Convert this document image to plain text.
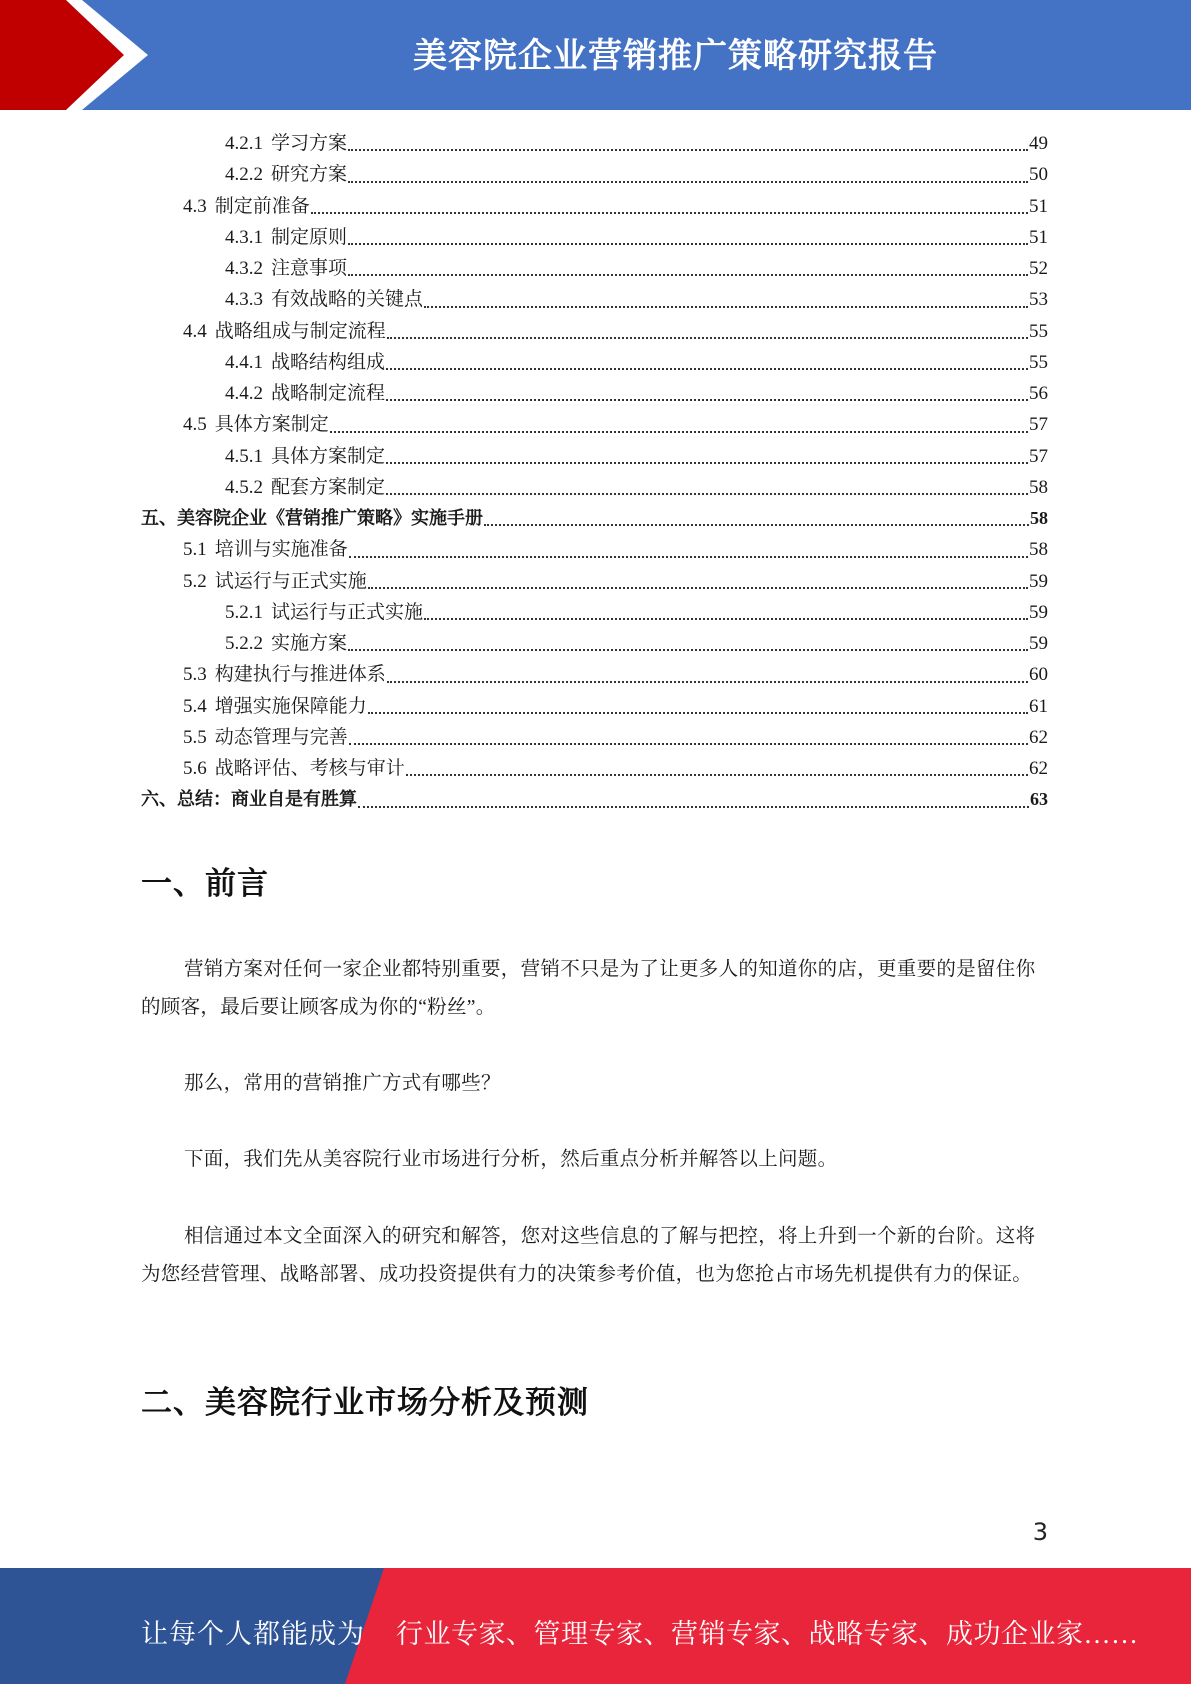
美容院企业营销推广策略研究报告
4.2.1 学习方案	49
4.2.2 研究方案	50
4.3 制定前准备	51
4.3.1 制定原则	51
4.3.2 注意事项	52
4.3.3 有效战略的关键点	53
4.4 战略组成与制定流程	55
4.4.1 战略结构组成	55
4.4.2 战略制定流程	56
4.5 具体方案制定	57
4.5.1 具体方案制定	57
4.5.2 配套方案制定	58
五、 美容院企业《营销推广策略》实施手册	58
5.1 培训与实施准备	58
5.2 试运行与正式实施	59
5.2.1 试运行与正式实施	59
5.2.2 实施方案	59
5.3 构建执行与推进体系	60
5.4 增强实施保障能力	61
5.5 动态管理与完善	62
5.6 战略评估、考核与审计	62
六、 总结：商业自是有胜算	63
一、前言
营销方案对任何一家企业都特别重要，营销不只是为了让更多人的知道你的店，更重要的是留住你的顾客，最后要让顾客成为你的“粉丝”。
那么，常用的营销推广方式有哪些？
下面，我们先从美容院行业市场进行分析，然后重点分析并解答以上问题。
相信通过本文全面深入的研究和解答，您对这些信息的了解与把控，将上升到一个新的台阶。这将为您经营管理、战略部署、成功投资提供有力的决策参考价值，也为您抢占市场先机提供有力的保证。
二、美容院行业市场分析及预测
3
让每个人都能成为 行业专家、管理专家、营销专家、战略专家、成功企业家……
